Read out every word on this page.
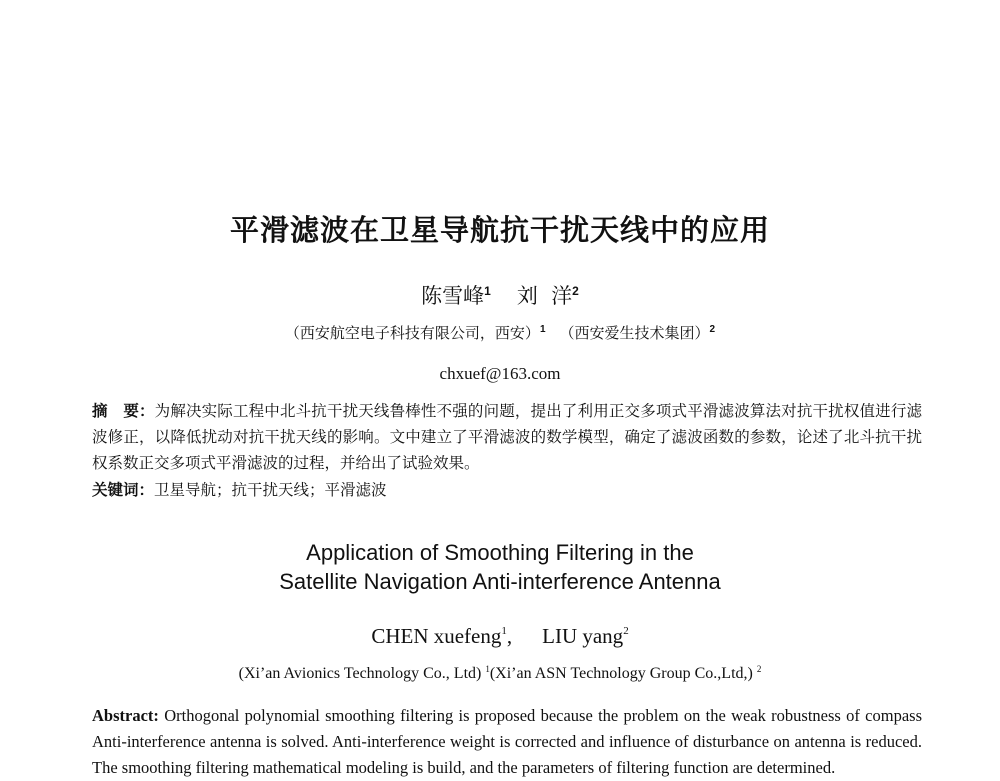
平滑滤波在卫星导航抗干扰天线中的应用
陈雪峰$^1$ 刘  洋$^2$
（西安航空电子科技有限公司，西安）$^1$ （西安爱生技术集团）$^2$
chxuef@163.com
摘　要：为解决实际工程中北斗抗干扰天线鲁棒性不强的问题，提出了利用正交多项式平滑滤波算法对抗干扰权值进行滤波修正，以降低扰动对抗干扰天线的影响。文中建立了平滑滤波的数学模型，确定了滤波函数的参数，论述了北斗抗干扰权系数正交多项式平滑滤波的过程，并给出了试验效果。
关键词：卫星导航；抗干扰天线；平滑滤波
Application of Smoothing Filtering in the
Satellite Navigation Anti-interference Antenna
CHEN xuefeng$^1$, LIU yang$^2$
(Xi’an Avionics Technology Co., Ltd) $^1$(Xi’an ASN Technology Group Co.,Ltd,) $^2$
Abstract: Orthogonal polynomial smoothing filtering is proposed because the problem on the weak robustness of compass Anti-interference antenna is solved. Anti-interference weight is corrected and influence of disturbance on antenna is reduced. The smoothing filtering mathematical modeling is build, and the parameters of filtering function are determined.
